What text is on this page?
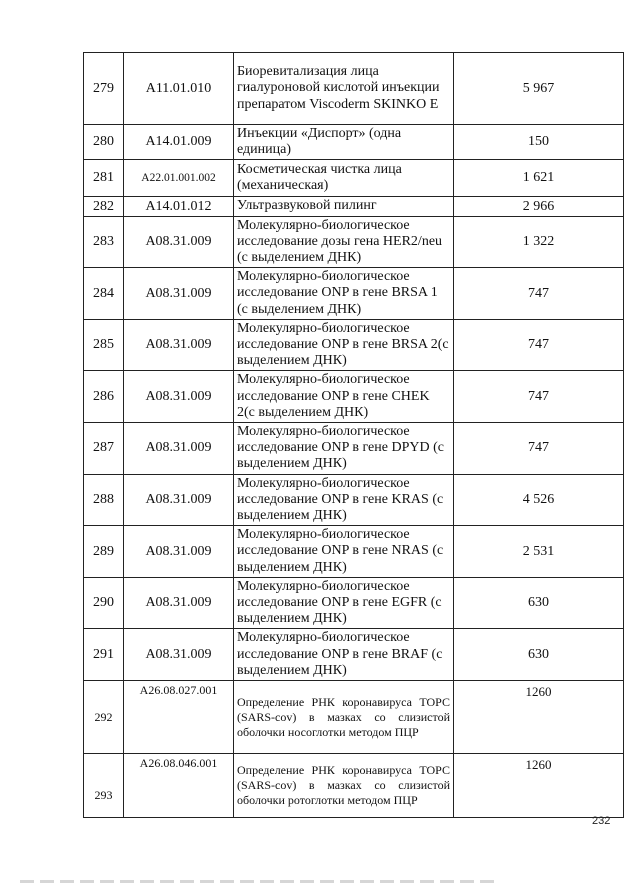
279	A11.01.010	Биоревитализация лица гиалуроновой кислотой инъекции препаратом Viscoderm SKINKO E	5 967
280	A14.01.009	Инъекции «Диспорт» (одна единица)	150
281	A22.01.001.002	Косметическая чистка лица (механическая)	1 621
282	A14.01.012	Ультразвуковой пилинг	2 966
283	A08.31.009	Молекулярно-биологическое исследование дозы гена HER2/neu (с выделением ДНК)	1 322
284	A08.31.009	Молекулярно-биологическое исследование ONP в гене BRSA 1 (с выделением ДНК)	747
285	A08.31.009	Молекулярно-биологическое исследование ONP в гене BRSA 2(с выделением ДНК)	747
286	A08.31.009	Молекулярно-биологическое исследование ONP в гене CHEK 2(с выделением ДНК)	747
287	A08.31.009	Молекулярно-биологическое исследование ONP в гене DPYD (с выделением ДНК)	747
288	A08.31.009	Молекулярно-биологическое исследование ONP в гене KRAS (с выделением ДНК)	4 526
289	A08.31.009	Молекулярно-биологическое исследование ONP в гене NRAS (с выделением ДНК)	2 531
290	A08.31.009	Молекулярно-биологическое исследование ONP в гене EGFR (с выделением ДНК)	630
291	A08.31.009	Молекулярно-биологическое исследование ONP в гене BRAF (с выделением ДНК)	630
292	A26.08.027.001	Определение РНК коронавируса ТОРС (SARS-cov) в мазках со слизистой оболочки носоглотки методом ПЦР	1260
293	A26.08.046.001	Определение РНК коронавируса ТОРС (SARS-cov) в мазках со слизистой оболочки ротоглотки методом ПЦР	1260
232
